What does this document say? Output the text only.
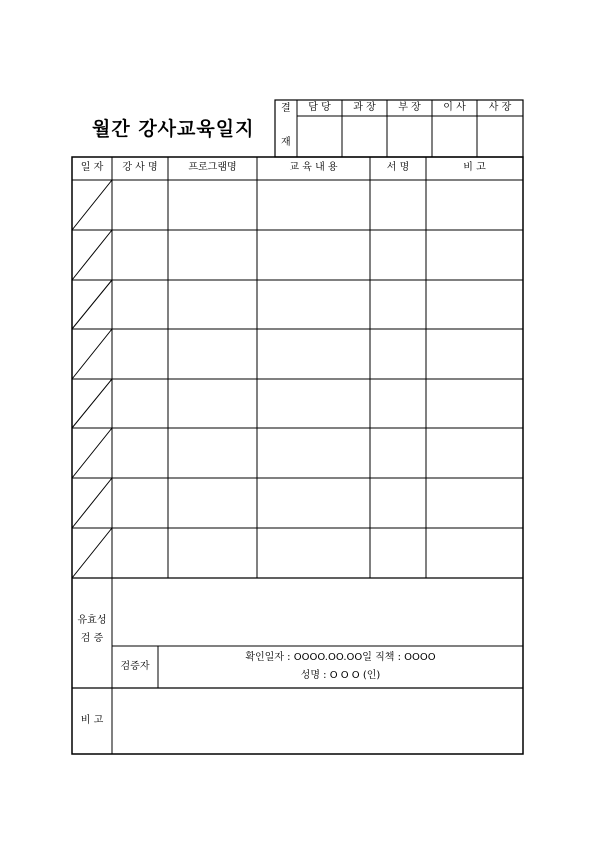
월간 강사교육일지
결
재
담 당	과 장	부 장	이 사	사 장
일 자	강 사 명	프로그램명	교 육 내 용	서 명	비 고
유효성
검 증
검증자
확인일자 : OOOO.OO.OO일 직책 : OOOO
성명 : O O O (인)
비 고
